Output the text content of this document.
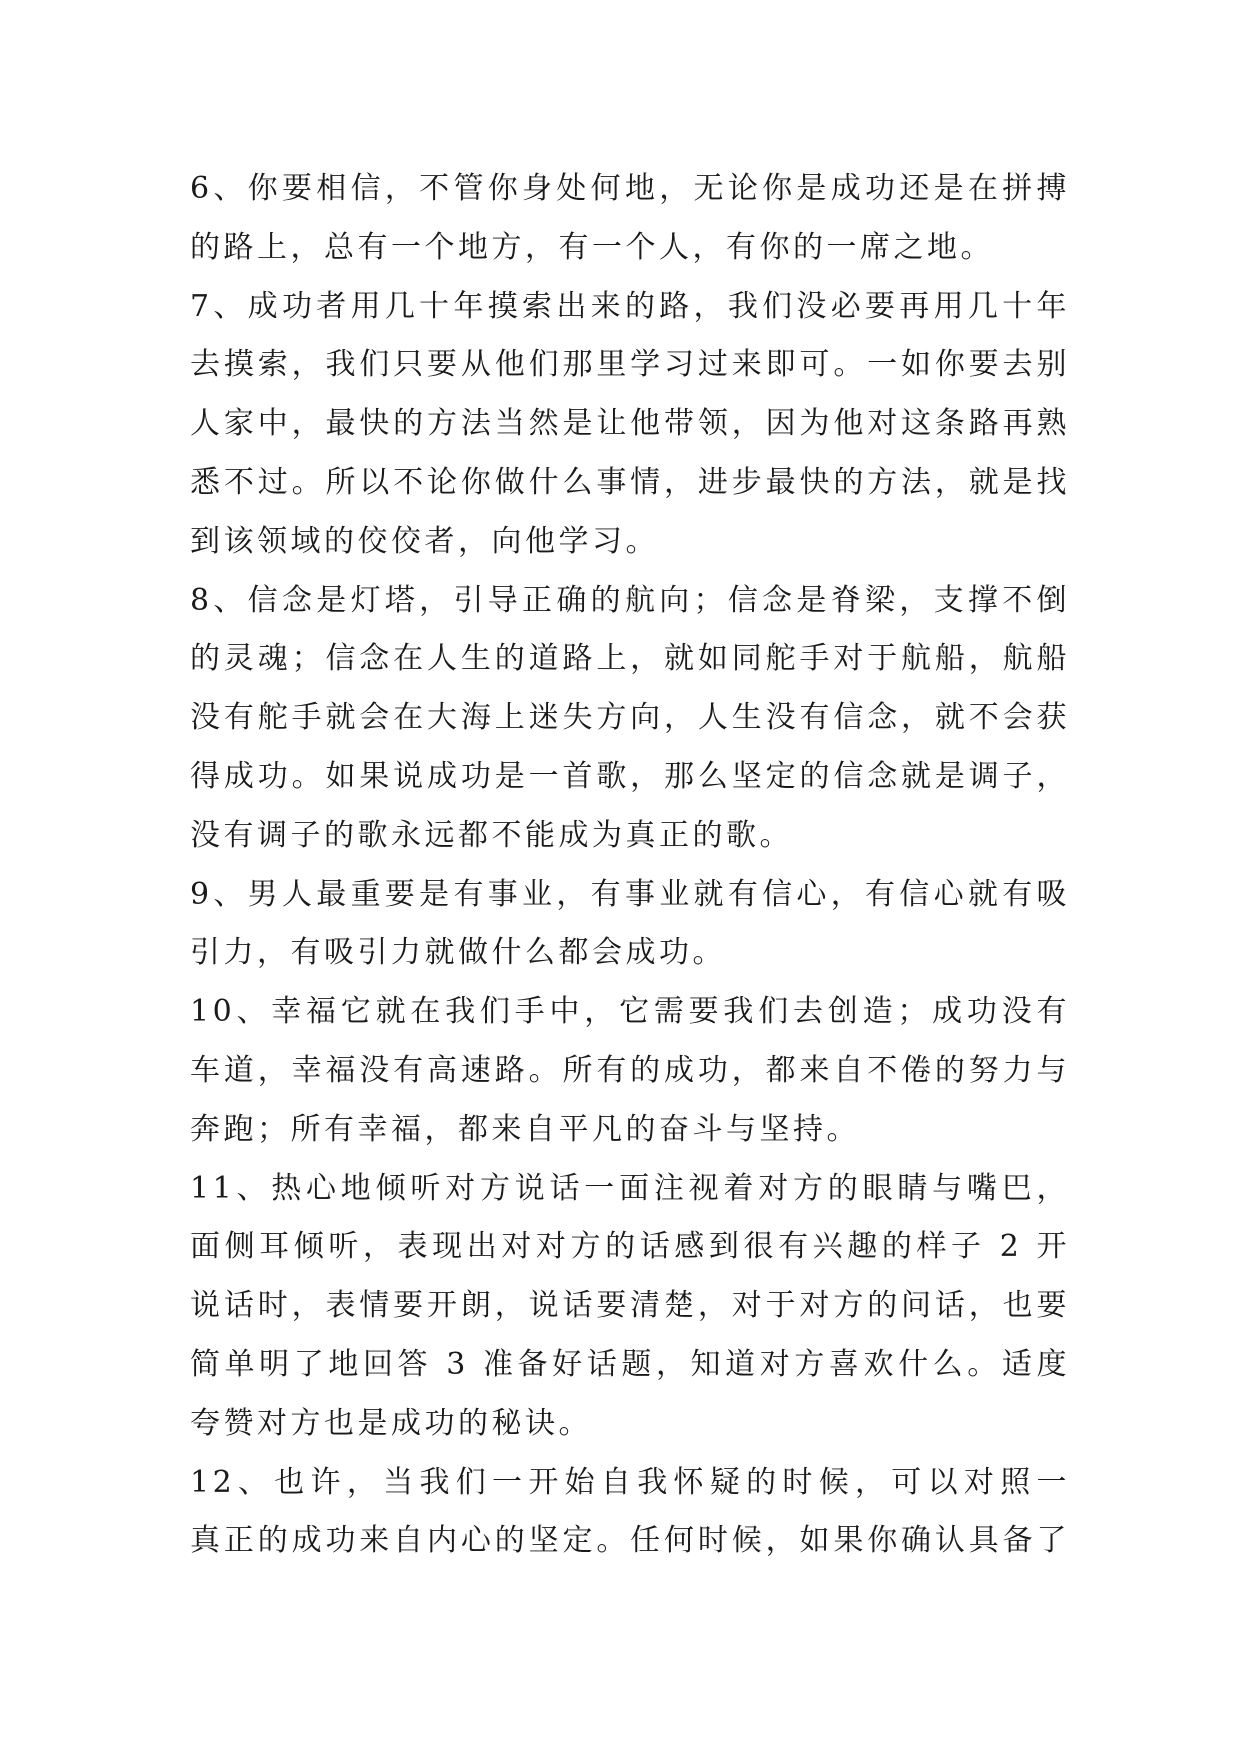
6、你要相信，不管你身处何地，无论你是成功还是在拼搏
的路上，总有一个地方，有一个人，有你的一席之地。
7、成功者用几十年摸索出来的路，我们没必要再用几十年
去摸索，我们只要从他们那里学习过来即可。一如你要去别
人家中，最快的方法当然是让他带领，因为他对这条路再熟
悉不过。所以不论你做什么事情，进步最快的方法，就是找
到该领域的佼佼者，向他学习。
8、信念是灯塔，引导正确的航向；信念是脊梁，支撑不倒
的灵魂；信念在人生的道路上，就如同舵手对于航船，航船
没有舵手就会在大海上迷失方向，人生没有信念，就不会获
得成功。如果说成功是一首歌，那么坚定的信念就是调子，
没有调子的歌永远都不能成为真正的歌。
9、男人最重要是有事业，有事业就有信心，有信心就有吸
引力，有吸引力就做什么都会成功。
10、幸福它就在我们手中，它需要我们去创造；成功没有
车道，幸福没有高速路。所有的成功，都来自不倦的努力与
奔跑；所有幸福，都来自平凡的奋斗与坚持。
11、热心地倾听对方说话一面注视着对方的眼睛与嘴巴，
面侧耳倾听，表现出对对方的话感到很有兴趣的样子 2 开
说话时，表情要开朗，说话要清楚，对于对方的问话，也要
简单明了地回答 3 准备好话题，知道对方喜欢什么。适度
夸赞对方也是成功的秘诀。
12、也许，当我们一开始自我怀疑的时候，可以对照一
真正的成功来自内心的坚定。任何时候，如果你确认具备了
